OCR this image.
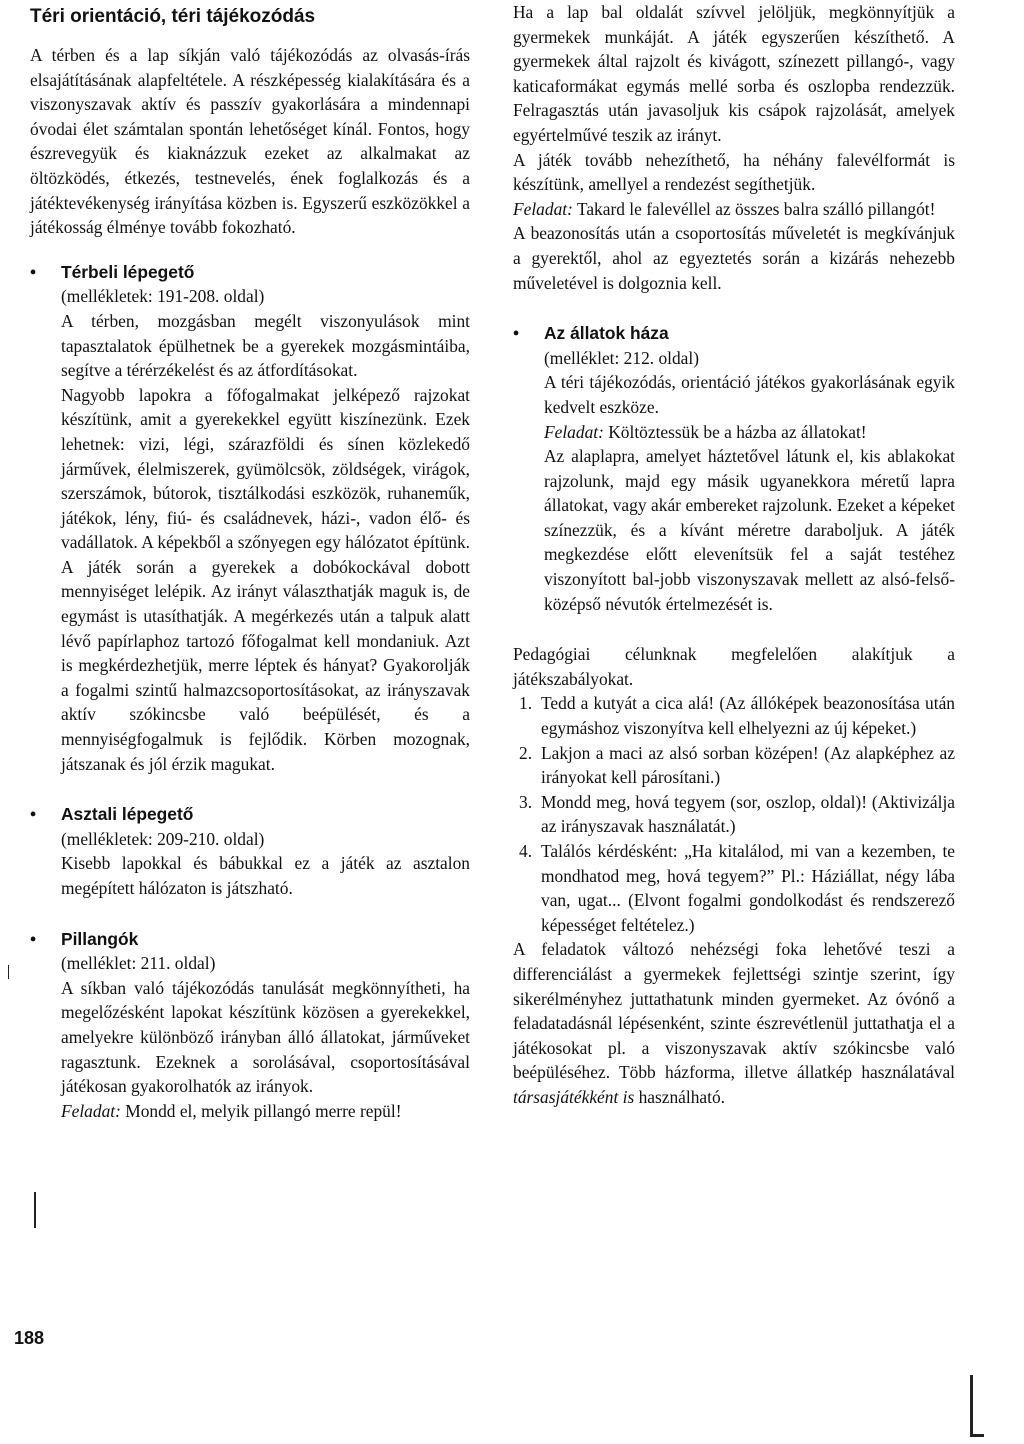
Téri orientáció, téri tájékozódás

A térben és a lap síkján való tájékozódás az olvasás-írás elsajátításának alapfeltétele. A részképesség kialakítására és a viszonyszavak aktív és passzív gyakorlására a mindennapi óvodai élet számtalan spontán lehetőséget kínál. Fontos, hogy észrevegyük és kiaknázzuk ezeket az alkalmakat az öltözködés, étkezés, testnevelés, ének foglalkozás és a játéktevékenység irányítása közben is. Egyszerű eszközökkel a játékosság élménye tovább fokozható.

• Térbeli lépegető

(mellékletek: 191-208. oldal)

A térben, mozgásban megélt viszonyulások mint tapasztalatok épülhetnek be a gyerekek mozgásmintáiba, segítve a térérzékelést és az átfordításokat.

Nagyobb lapokra a főfogalmakat jelképező rajzokat készítünk, amit a gyerekekkel együtt kiszínezünk. Ezek lehetnek: vizi, légi, szárazföldi és sínen közlekedő járművek, élelmiszerek, gyümölcsök, zöldségek, virágok, szerszámok, bútorok, tisztálkodási eszközök, ruhaneműk, játékok, lény, fiú- és családnevek, házi-, vadon élő- és vadállatok. A képekből a szőnyegen egy hálózatot építünk. A játék során a gyerekek a dobókockával dobott mennyiséget lelépik. Az irányt választhatják maguk is, de egymást is utasíthatják. A megérkezés után a talpuk alatt lévő papírlaphoz tartozó főfogalmat kell mondaniuk. Azt is megkérdezhetjük, merre léptek és hányat? Gyakorolják a fogalmi szintű halmazcsoportosításokat, az irányszavak aktív szókincsbe való beépülését, és a mennyiségfogalmuk is fejlődik. Körben mozognak, játszanak és jól érzik magukat.

• Asztali lépegető

(mellékletek: 209-210. oldal)

Kisebb lapokkal és bábukkal ez a játék az asztalon megépített hálózaton is játszható.

• Pillangók

(melléklet: 211. oldal)

A síkban való tájékozódás tanulását megkönnyítheti, ha megelőzésként lapokat készítünk közösen a gyerekekkel, amelyekre különböző irányban álló állatokat, járműveket ragasztunk. Ezeknek a sorolásával, csoportosításával játékosan gyakorolhatók az irányok.

Feladat: Mondd el, melyik pillangó merre repül!

Ha a lap bal oldalát szívvel jelöljük, megkönnyítjük a gyermekek munkáját. A játék egyszerűen készíthető. A gyermekek által rajzolt és kivágott, színezett pillangó-, vagy katicaformákat egymás mellé sorba és oszlopba rendezzük. Felragasztás után javasoljuk kis csápok rajzolását, amelyek egyértelművé teszik az irányt.

A játék tovább nehezíthető, ha néhány falevélformát is készítünk, amellyel a rendezést segíthetjük.

Feladat: Takard le falevéllel az összes balra szálló pillangót!

A beazonosítás után a csoportosítás műveletét is megkívánjuk a gyerektől, ahol az egyeztetés során a kizárás nehezebb műveletével is dolgoznia kell.

• Az állatok háza

(melléklet: 212. oldal)

A téri tájékozódás, orientáció játékos gyakorlásának egyik kedvelt eszköze.

Feladat: Költöztessük be a házba az állatokat!

Az alaplapra, amelyet háztetővel látunk el, kis ablakokat rajzolunk, majd egy másik ugyanekkora méretű lapra állatokat, vagy akár embereket rajzolunk. Ezeket a képeket színezzük, és a kívánt méretre daraboljuk. A játék megkezdése előtt elevenítsük fel a saját testéhez viszonyított bal-jobb viszonyszavak mellett az alsó-felső-középső névutók értelmezését is.

Pedagógiai célunknak megfelelően alakítjuk a játékszabályokat.

1. Tedd a kutyát a cica alá! (Az állóképek beazonosítása után egymáshoz viszonyítva kell elhelyezni az új képeket.)
2. Lakjon a maci az alsó sorban középen! (Az alapképhez az irányokat kell párosítani.)
3. Mondd meg, hová tegyem (sor, oszlop, oldal)! (Aktivizálja az irányszavak használatát.)
4. Találós kérdésként: „Ha kitalálod, mi van a kezemben, te mondhatod meg, hová tegyem?” Pl.: Háziállat, négy lába van, ugat... (Elvont fogalmi gondolkodást és rendszerező képességet feltételez.)

A feladatok változó nehézségi foka lehetővé teszi a differenciálást a gyermekek fejlettségi szintje szerint, így sikerélményhez juttathatunk minden gyermeket. Az óvónő a feladatadásnál lépésenként, szinte észrevétlenül juttathatja el a játékosokat pl. a viszonyszavak aktív szókincsbe való beépüléséhez. Több házforma, illetve állatkép használatával társasjátékként is használható.

188
